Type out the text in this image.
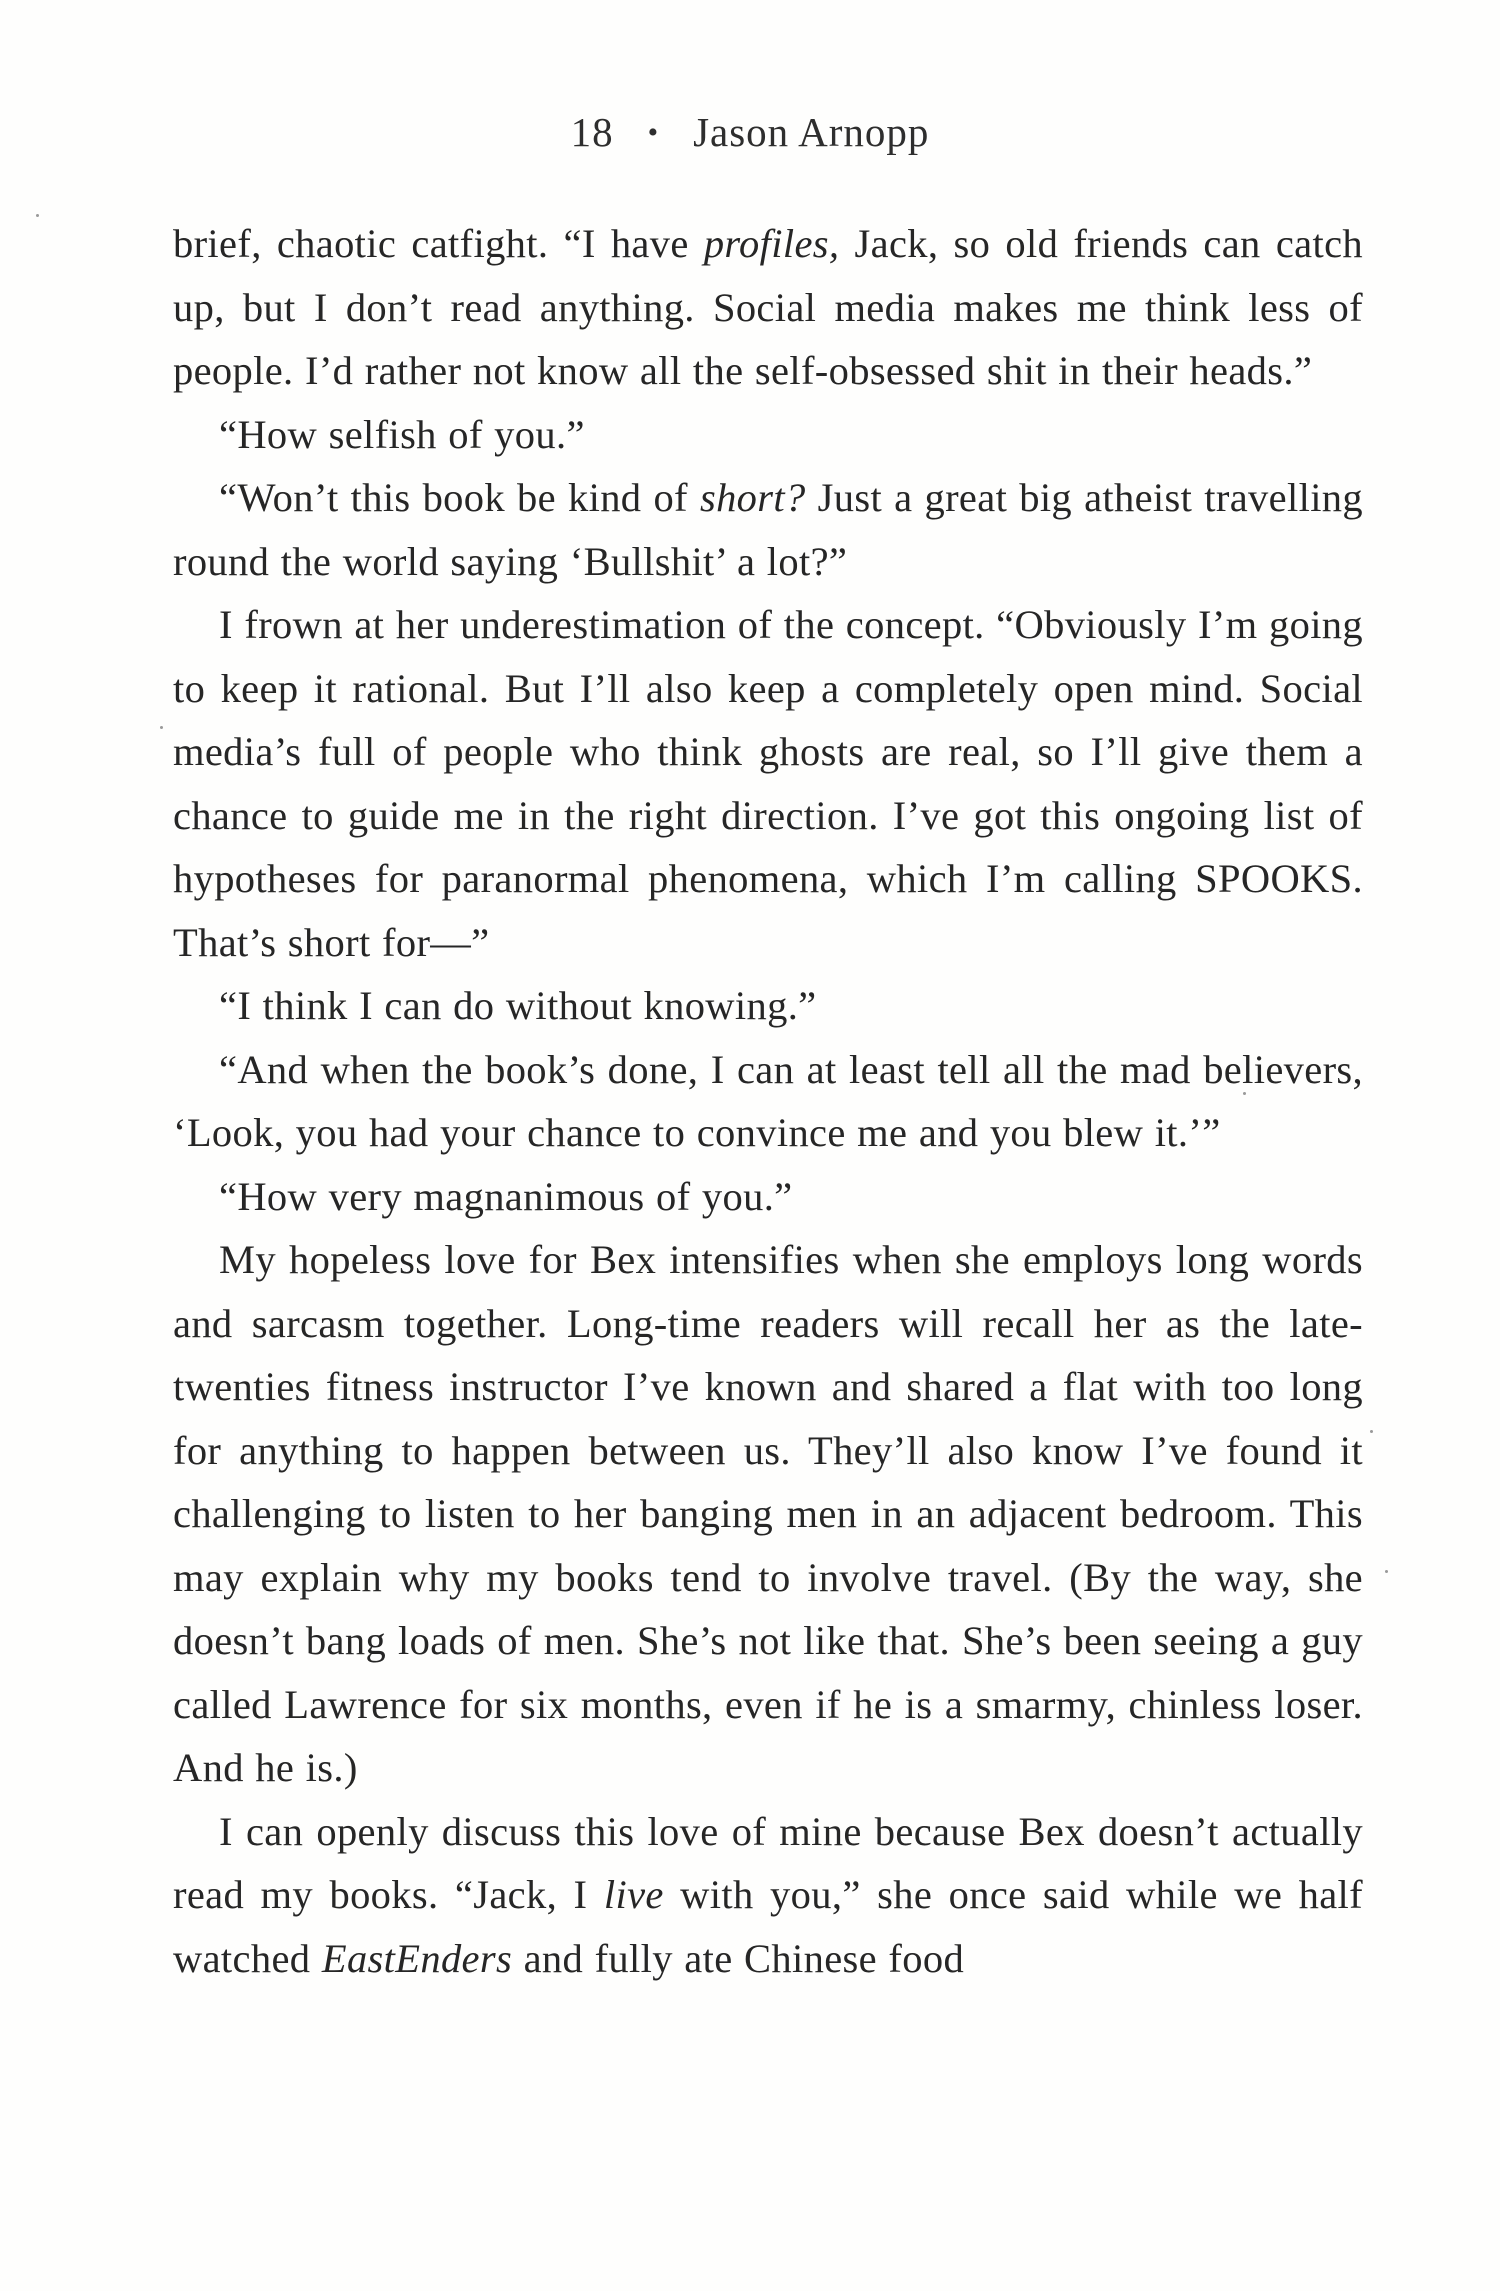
18 • Jason Arnopp

brief, chaotic catfight. “I have profiles, Jack, so old friends can catch up, but I don’t read anything. Social media makes me think less of people. I’d rather not know all the self-obsessed shit in their heads.”

“How selfish of you.”

“Won’t this book be kind of short? Just a great big atheist travelling round the world saying ‘Bullshit’ a lot?”

I frown at her underestimation of the concept. “Obviously I’m going to keep it rational. But I’ll also keep a completely open mind. Social media’s full of people who think ghosts are real, so I’ll give them a chance to guide me in the right direction. I’ve got this ongoing list of hypotheses for paranormal phenomena, which I’m calling SPOOKS. That’s short for—”

“I think I can do without knowing.”

“And when the book’s done, I can at least tell all the mad believers, ‘Look, you had your chance to convince me and you blew it.’”

“How very magnanimous of you.”

My hopeless love for Bex intensifies when she employs long words and sarcasm together. Long-time readers will recall her as the late-twenties fitness instructor I’ve known and shared a flat with too long for anything to happen between us. They’ll also know I’ve found it challenging to listen to her banging men in an adjacent bedroom. This may explain why my books tend to involve travel. (By the way, she doesn’t bang loads of men. She’s not like that. She’s been seeing a guy called Lawrence for six months, even if he is a smarmy, chinless loser. And he is.)

I can openly discuss this love of mine because Bex doesn’t actually read my books. “Jack, I live with you,” she once said while we half watched EastEnders and fully ate Chinese food
